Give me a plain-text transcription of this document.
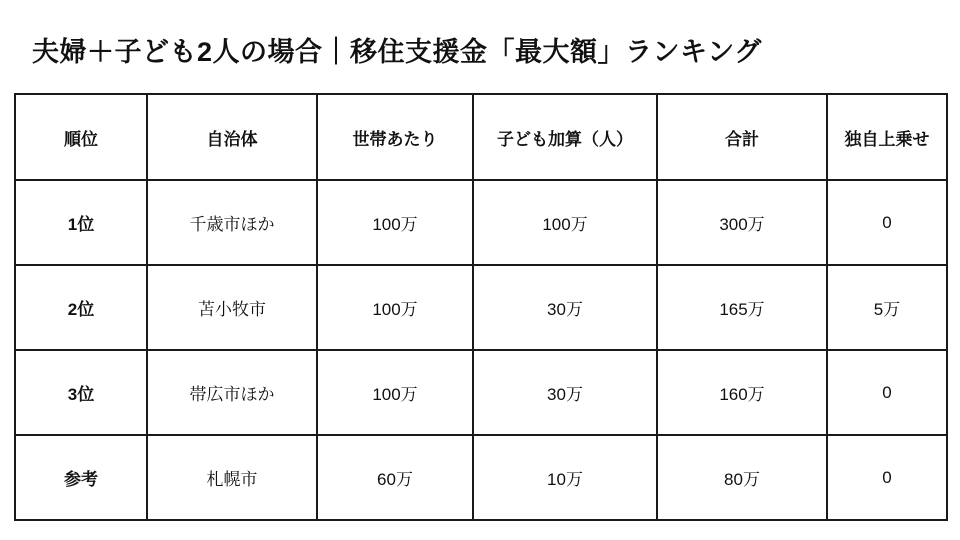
夫婦＋子ども2人の場合｜移住支援金「最大額」ランキング
順位	自治体	世帯あたり	子ども加算（人）	合計	独自上乗せ
1位	千歳市ほか	100万	100万	300万	0
2位	苫小牧市	100万	30万	165万	5万
3位	帯広市ほか	100万	30万	160万	0
参考	札幌市	60万	10万	80万	0
